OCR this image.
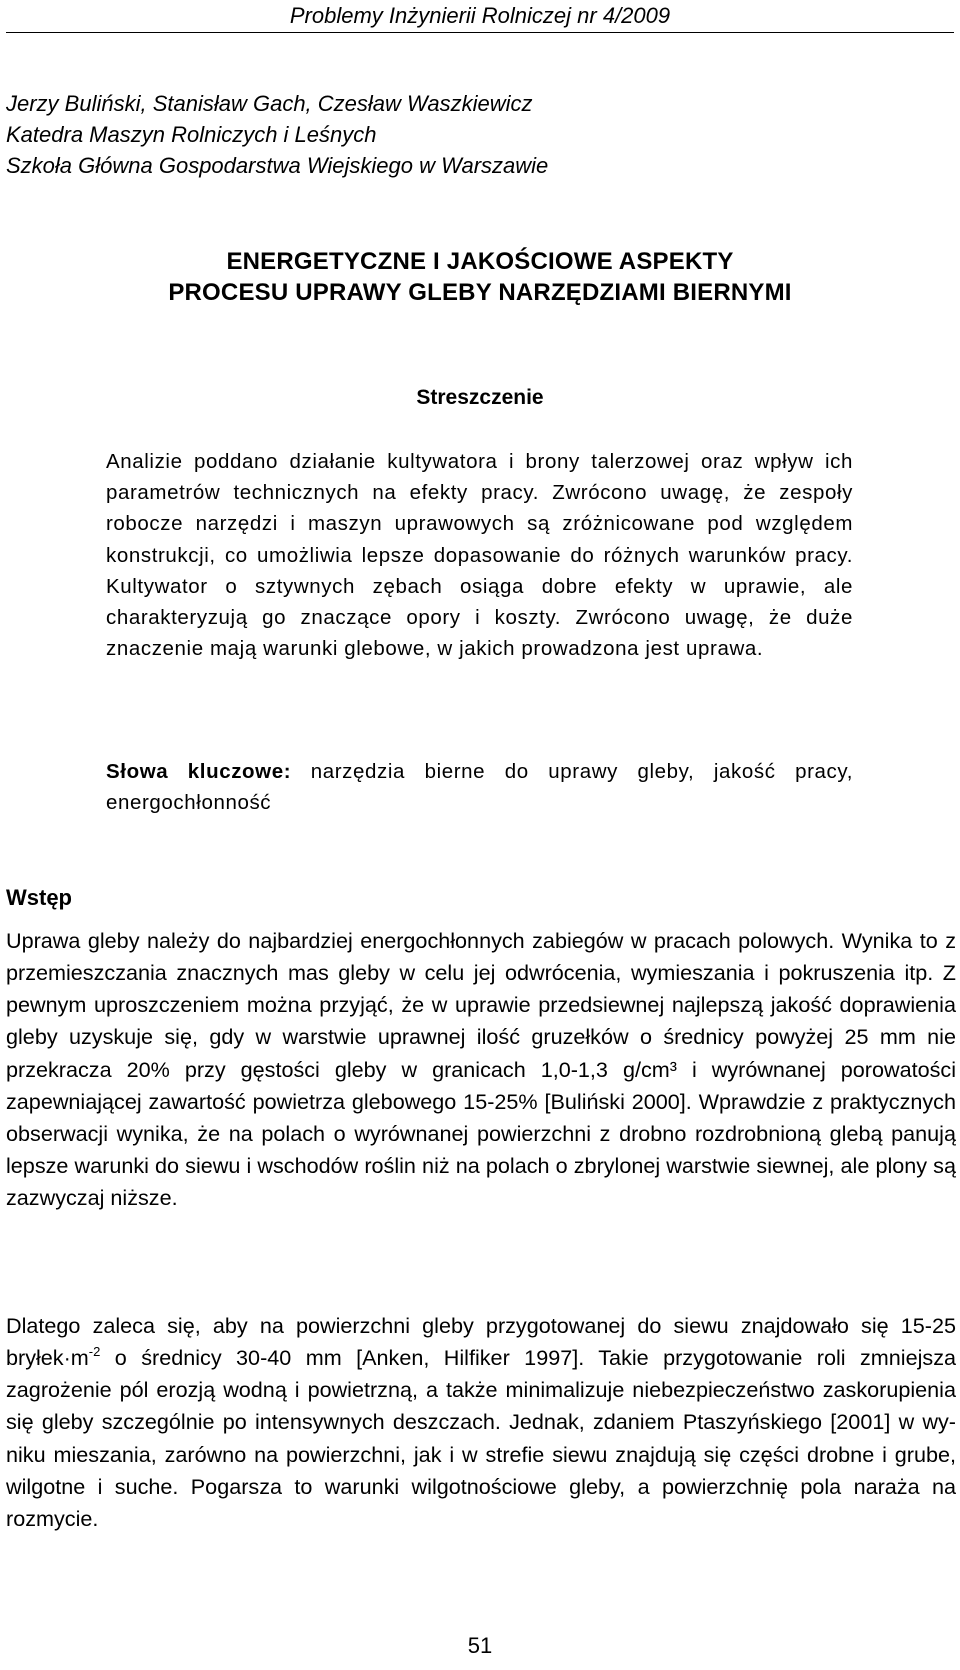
Problemy Inżynierii Rolniczej nr 4/2009
Jerzy Buliński, Stanisław Gach, Czesław Waszkiewicz
Katedra Maszyn Rolniczych i Leśnych
Szkoła Główna Gospodarstwa Wiejskiego w Warszawie
ENERGETYCZNE I JAKOŚCIOWE ASPEKTY
PROCESU UPRAWY GLEBY NARZĘDZIAMI BIERNYMI
Streszczenie

Analizie poddano działanie kultywatora i brony talerzowej oraz wpływ ich parametrów technicznych na efekty pracy. Zwrócono uwagę, że zespoły robocze narzędzi i maszyn uprawowych są zróżnicowane pod względem konstrukcji, co umożliwia lepsze dopasowanie do różnych warunków pracy. Kultywator o sztywnych zębach osiąga dobre efekty w uprawie, ale charakteryzują go znaczące opory i koszty. Zwrócono uwagę, że duże znaczenie mają warunki glebowe, w jakich prowadzona jest uprawa.

Słowa kluczowe: narzędzia bierne do uprawy gleby, jakość pracy, energochłonność

Wstęp

Uprawa gleby należy do najbardziej energochłonnych zabiegów w pracach polowych. Wynika to z przemieszczania znacznych mas gleby w celu jej odwrócenia, wymieszania i pokruszenia itp. Z pewnym uproszczeniem można przyjąć, że w uprawie przedsiewnej najlepszą jakość doprawienia gleby uzyskuje się, gdy w warstwie uprawnej ilość gruzełków o średnicy powyżej 25 mm nie przekracza 20% przy gęstości gleby w granicach 1,0-1,3 g/cm³ i wyrównanej porowatości zapewniającej zawartość powietrza glebowego 15-25% [Buliński 2000]. Wprawdzie z praktycznych obserwacji wynika, że na polach o wyrównanej powierzchni z drobno rozdrobnioną glebą panują lepsze warunki do siewu i wschodów roślin niż na polach o zbrylonej warstwie siewnej, ale plony są zazwyczaj niższe.

Dlatego zaleca się, aby na powierzchni gleby przygotowanej do siewu znajdowało się 15-25 $bryłek\cdot m^{-2}$ o średnicy 30-40 mm [Anken, Hilfiker 1997]. Takie przygotowanie roli zmniejsza zagrożenie pól erozją wodną i powietrzną, a także minimalizuje niebezpieczeństwo zaskorupienia się gleby szczególnie po intensywnych deszczach. Jednak, zdaniem Ptaszyńskiego [2001] w wyniku mieszania, zarówno na powierzchni, jak i w strefie siewu znajdują się części drobne i grube, wilgotne i suche. Pogarsza to warunki wilgotnościowe gleby, a powierzchnię pola naraża na rozmycie.

51
